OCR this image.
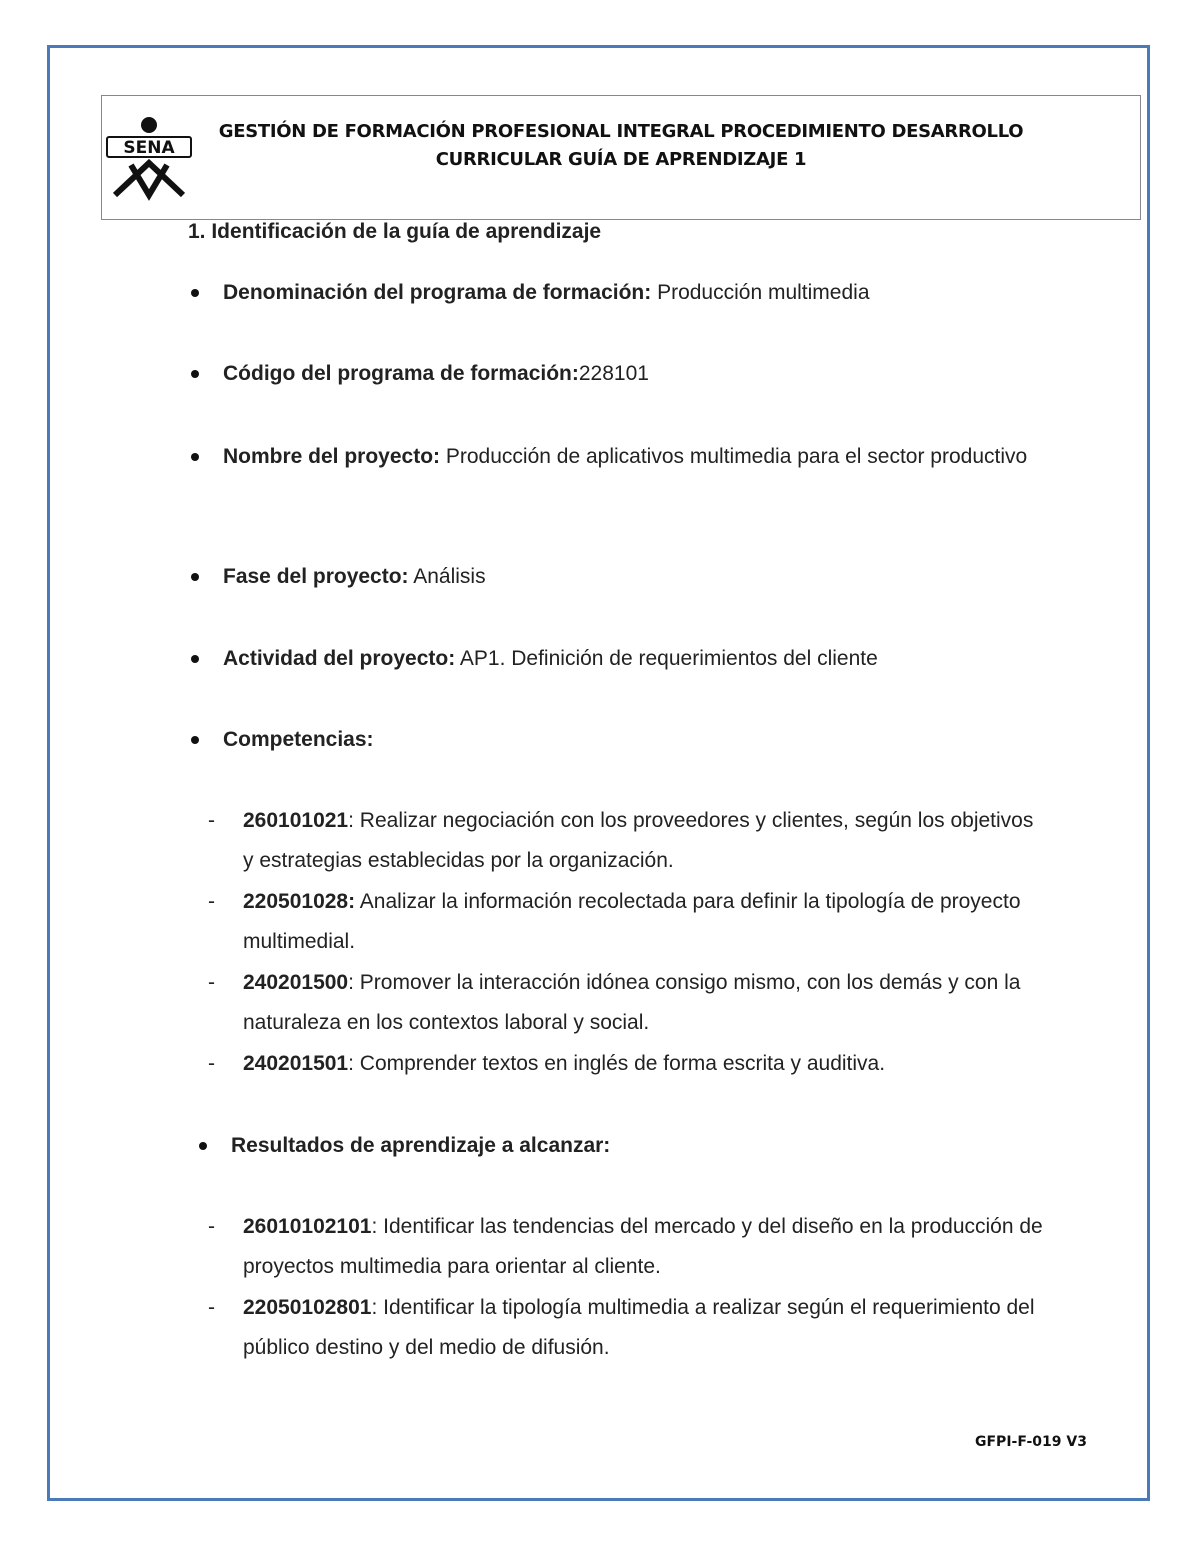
SENA
GESTIÓN DE FORMACIÓN PROFESIONAL INTEGRAL PROCEDIMIENTO DESARROLLO CURRICULAR GUÍA DE APRENDIZAJE 1
1. Identificación de la guía de aprendizaje
Denominación del programa de formación: Producción multimedia
Código del programa de formación:228101
Nombre del proyecto: Producción de aplicativos multimedia para el sector productivo
Fase del proyecto: Análisis
Actividad del proyecto: AP1. Definición de requerimientos del cliente
Competencias:
-	260101021: Realizar negociación con los proveedores y clientes, según los objetivos y estrategias establecidas por la organización.
-	220501028: Analizar la información recolectada para definir la tipología de proyecto multimedial.
-	240201500: Promover la interacción idónea consigo mismo, con los demás y con la naturaleza en los contextos laboral y social.
-	240201501: Comprender textos en inglés de forma escrita y auditiva.
Resultados de aprendizaje a alcanzar:
-	26010102101: Identificar las tendencias del mercado y del diseño en la producción de proyectos multimedia para orientar al cliente.
-	22050102801: Identificar la tipología multimedia a realizar según el requerimiento del público destino y del medio de difusión.
GFPI-F-019 V3
